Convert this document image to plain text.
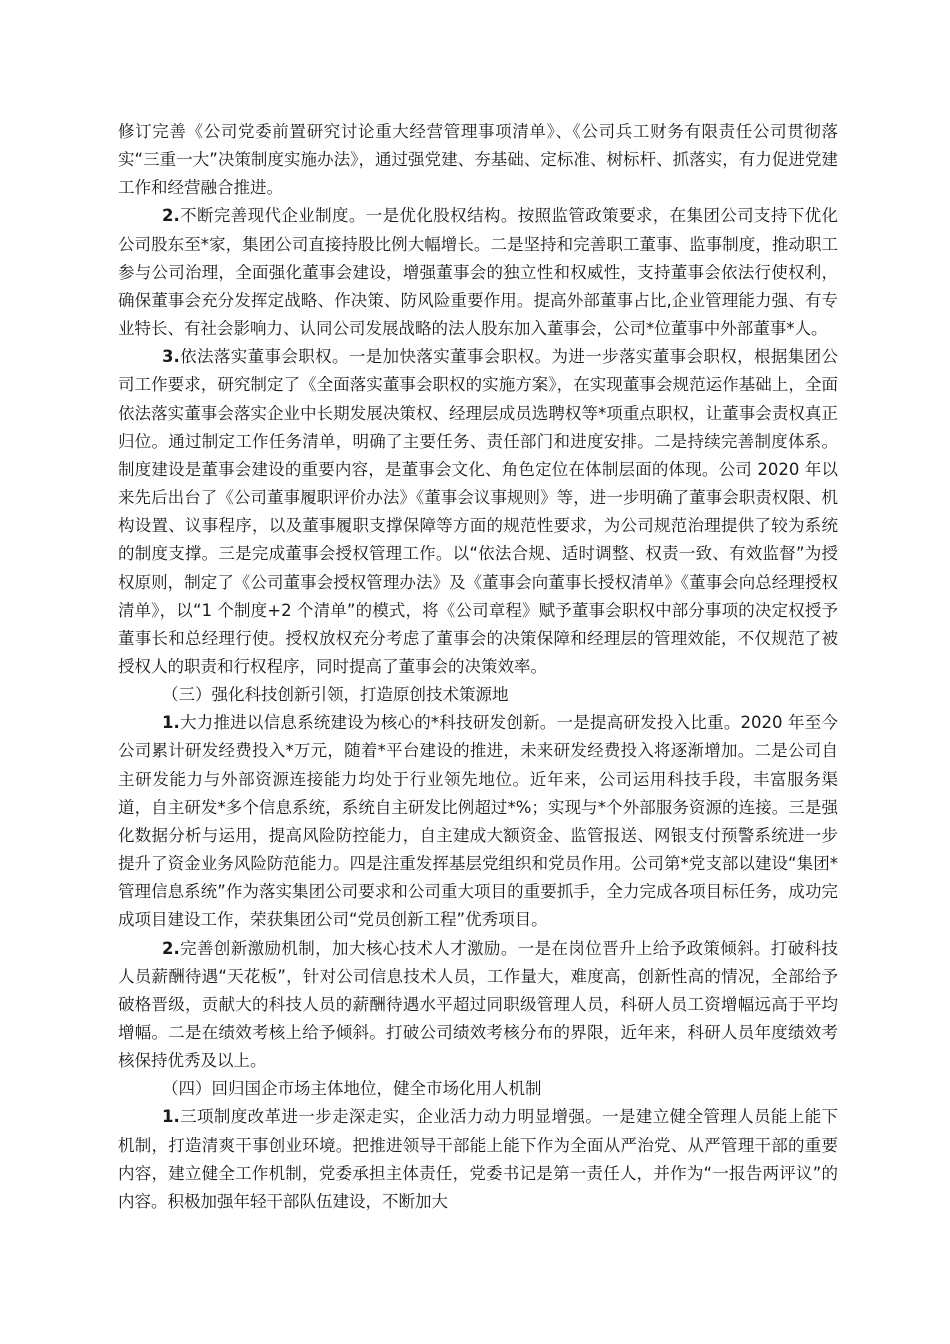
修订完善《公司党委前置研究讨论重大经营管理事项清单》、《公司兵工财务有限责任公司贯彻落实“三重一大”决策制度实施办法》，通过强党建、夯基础、定标准、树标杆、抓落实，有力促进党建工作和经营融合推进。

2.不断完善现代企业制度。一是优化股权结构。按照监管政策要求，在集团公司支持下优化公司股东至*家，集团公司直接持股比例大幅增长。二是坚持和完善职工董事、监事制度，推动职工参与公司治理，全面强化董事会建设，增强董事会的独立性和权威性，支持董事会依法行使权利，确保董事会充分发挥定战略、作决策、防风险重要作用。提高外部董事占比,企业管理能力强、有专业特长、有社会影响力、认同公司发展战略的法人股东加入董事会，公司*位董事中外部董事*人。

3.依法落实董事会职权。一是加快落实董事会职权。为进一步落实董事会职权，根据集团公司工作要求，研究制定了《全面落实董事会职权的实施方案》，在实现董事会规范运作基础上，全面依法落实董事会落实企业中长期发展决策权、经理层成员选聘权等*项重点职权，让董事会责权真正归位。通过制定工作任务清单，明确了主要任务、责任部门和进度安排。二是持续完善制度体系。制度建设是董事会建设的重要内容，是董事会文化、角色定位在体制层面的体现。公司 2020 年以来先后出台了《公司董事履职评价办法》《董事会议事规则》等，进一步明确了董事会职责权限、机构设置、议事程序，以及董事履职支撑保障等方面的规范性要求，为公司规范治理提供了较为系统的制度支撑。三是完成董事会授权管理工作。以“依法合规、适时调整、权责一致、有效监督”为授权原则，制定了《公司董事会授权管理办法》及《董事会向董事长授权清单》《董事会向总经理授权清单》，以“1 个制度+2 个清单”的模式，将《公司章程》赋予董事会职权中部分事项的决定权授予董事长和总经理行使。授权放权充分考虑了董事会的决策保障和经理层的管理效能，不仅规范了被授权人的职责和行权程序，同时提高了董事会的决策效率。

（三）强化科技创新引领，打造原创技术策源地

1.大力推进以信息系统建设为核心的*科技研发创新。一是提高研发投入比重。2020 年至今公司累计研发经费投入*万元，随着*平台建设的推进，未来研发经费投入将逐渐增加。二是公司自主研发能力与外部资源连接能力均处于行业领先地位。近年来，公司运用科技手段，丰富服务渠道，自主研发*多个信息系统，系统自主研发比例超过*%；实现与*个外部服务资源的连接。三是强化数据分析与运用，提高风险防控能力，自主建成大额资金、监管报送、网银支付预警系统进一步提升了资金业务风险防范能力。四是注重发挥基层党组织和党员作用。公司第*党支部以建设“集团*管理信息系统”作为落实集团公司要求和公司重大项目的重要抓手，全力完成各项目标任务，成功完成项目建设工作，荣获集团公司“党员创新工程”优秀项目。

2.完善创新激励机制，加大核心技术人才激励。一是在岗位晋升上给予政策倾斜。打破科技人员薪酬待遇“天花板”，针对公司信息技术人员，工作量大，难度高，创新性高的情况，全部给予破格晋级，贡献大的科技人员的薪酬待遇水平超过同职级管理人员，科研人员工资增幅远高于平均增幅。二是在绩效考核上给予倾斜。打破公司绩效考核分布的界限，近年来，科研人员年度绩效考核保持优秀及以上。

（四）回归国企市场主体地位，健全市场化用人机制

1.三项制度改革进一步走深走实，企业活力动力明显增强。一是建立健全管理人员能上能下机制，打造清爽干事创业环境。把推进领导干部能上能下作为全面从严治党、从严管理干部的重要内容，建立健全工作机制，党委承担主体责任，党委书记是第一责任人，并作为“一报告两评议”的内容。积极加强年轻干部队伍建设，不断加大
